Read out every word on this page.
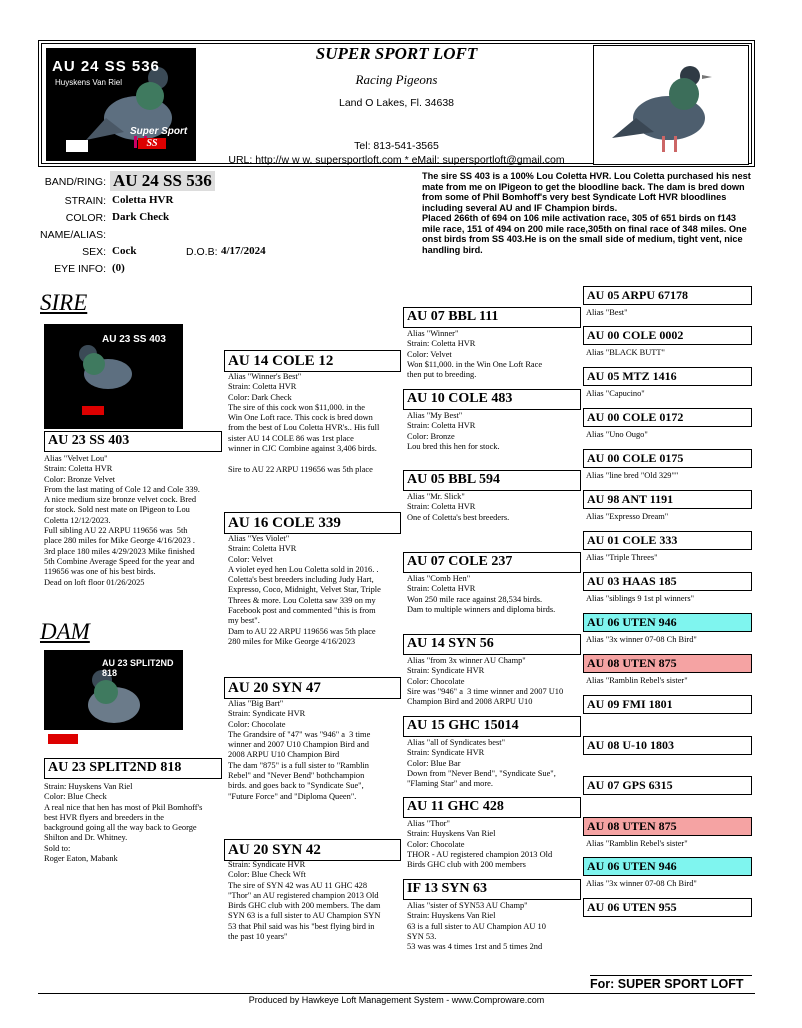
AU 24 SS 536
Huyskens Van Riel
Super Sport
SS
SUPER SPORT LOFT
Racing Pigeons
Land O Lakes, Fl. 34638
Tel: 813-541-3565
URL: http://w w w. supersportloft.com * eMail: supersportloft@gmail.com
BAND/RING: AU 24 SS 536
STRAIN: Coletta HVR
COLOR: Dark Check
NAME/ALIAS:
SEX: Cock	D.O.B: 4/17/2024
EYE INFO: (0)
The sire SS 403 is a 100% Lou Coletta HVR. Lou Coletta purchased his nest mate from me on IPigeon to get the bloodline back. The dam is bred down from some of Phil Bomhoff's very best Syndicate Loft HVR bloodlines including several AU and IF Champion birds.
Placed 266th of 694 on 106 mile activation race, 305 of 651 birds on f143 mile race, 151 of 494 on 200 mile race,305th on final race of 348 miles. One onst birds from SS 403.He is on the small side of medium, tight vent, nice handling bird.
SIRE
AU 23 SS 403
AU 23 SS 403
Alias "Velvet Lou"
Strain: Coletta HVR
Color: Bronze Velvet
From the last mating of Cole 12 and Cole 339.
A nice medium size bronze velvet cock. Bred
for stock. Sold nest mate on IPigeon to Lou
Coletta 12/12/2023.
Full sibling AU 22 ARPU 119656 was  5th
place 280 miles for Mike George 4/16/2023 .
3rd place 180 miles 4/29/2023 Mike finished
5th Combine Average Speed for the year and
119656 was one of his best birds.
Dead on loft floor 01/26/2025
DAM
AU 23 SPLIT2ND 818
AU 23 SPLIT2ND 818
Strain: Huyskens Van Riel
Color: Blue Check
A real nice that hen has most of Pkil Bomhoff's
best HVR flyers and breeders in the
background going all the way back to George
Shilton and Dr. Whitney.
Sold to:
Roger Eaton, Mabank
AU 14 COLE 12
Alias "Winner's Best"
Strain: Coletta HVR
Color: Dark Check
The sire of this cock won $11,000. in the
Win One Loft race. This cock is bred down
from the best of Lou Coletta HVR's.. His full
sister AU 14 COLE 86 was 1rst place
winner in CJC Combine against 3,406 birds.

Sire to AU 22 ARPU 119656 was 5th place
AU 16 COLE 339
Alias "Yes Violet"
Strain: Coletta HVR
Color: Velvet
A violet eyed hen Lou Coletta sold in 2016. .
Coletta's best breeders including Judy Hart,
Expresso, Coco, Midnight, Velvet Star, Triple
Threes & more. Lou Coletta saw 339 on my
Facebook post and commented "this is from
my best".
Dam to AU 22 ARPU 119656 was 5th place
280 miles for Mike George 4/16/2023
AU 20 SYN 47
Alias "Big Bart"
Strain: Syndicate HVR
Color: Chocolate
The Grandsire of "47" was "946" a  3 time
winner and 2007 U10 Champion Bird and
2008 ARPU U10 Champion Bird
The dam "875" is a full sister to "Ramblin
Rebel" and "Never Bend" bothchampion
birds. and goes back to "Syndicate Sue",
"Future Force" and "Diploma Queen".
AU 20 SYN 42
Strain: Syndicate HVR
Color: Blue Check Wft
The sire of SYN 42 was AU 11 GHC 428
"Thor" an AU registered champion 2013 Old
Birds GHC club with 200 members. The dam
SYN 63 is a full sister to AU Champion SYN
53 that Phil said was his "best flying bird in
the past 10 years"
AU 07 BBL 111
Alias "Winner"
Strain: Coletta HVR
Color: Velvet
Won $11,000. in the Win One Loft Race
then put to breeding.
AU 10 COLE 483
Alias "My Best"
Strain: Coletta HVR
Color: Bronze
Lou bred this hen for stock.
AU 05 BBL 594
Alias "Mr. Slick"
Strain: Coletta HVR
One of Coletta's best breeders.
AU 07 COLE 237
Alias "Comb Hen"
Strain: Coletta HVR
Won 250 mile race against 28,534 birds.
Dam to multiple winners and diploma birds.
AU 14 SYN 56
Alias "from 3x winner AU Champ"
Strain: Syndicate HVR
Color: Chocolate
Sire was "946" a  3 time winner and 2007 U10
Champion Bird and 2008 ARPU U10
AU 15 GHC 15014
Alias "all of Syndicates best"
Strain: Syndicate HVR
Color: Blue Bar
Down from "Never Bend", "Syndicate Sue",
"Flaming Star" and more.
AU 11 GHC 428
Alias "Thor"
Strain: Huyskens Van Riel
Color: Chocolate
THOR - AU registered champion 2013 Old
Birds GHC club with 200 members
IF 13 SYN 63
Alias "sister of SYN53 AU Champ"
Strain: Huyskens Van Riel
63 is a full sister to AU Champion AU 10
SYN 53.
53 was was 4 times 1rst and 5 times 2nd
AU 05 ARPU 67178
Alias "Best"
AU 00 COLE 0002
Alias "BLACK BUTT"
AU 05 MTZ 1416
Alias "Capucino"
AU 00 COLE 0172
Alias "Uno Ougo"
AU 00 COLE 0175
Alias "line bred "Old 329""
AU 98 ANT 1191
Alias "Expresso Dream"
AU 01 COLE 333
Alias "Triple Threes"
AU 03 HAAS 185
Alias "siblings 9 1st pl winners"
AU 06 UTEN 946
Alias "3x winner 07-08 Ch Bird"
AU 08 UTEN 875
Alias "Ramblin Rebel's sister"
AU 09 FMI 1801
AU 08 U-10 1803
AU 07 GPS 6315
AU 08 UTEN 875
Alias "Ramblin Rebel's sister"
AU 06 UTEN 946
Alias "3x winner 07-08 Ch Bird"
AU 06 UTEN 955
For: SUPER SPORT LOFT
Produced by Hawkeye Loft Management System - www.Comproware.com
